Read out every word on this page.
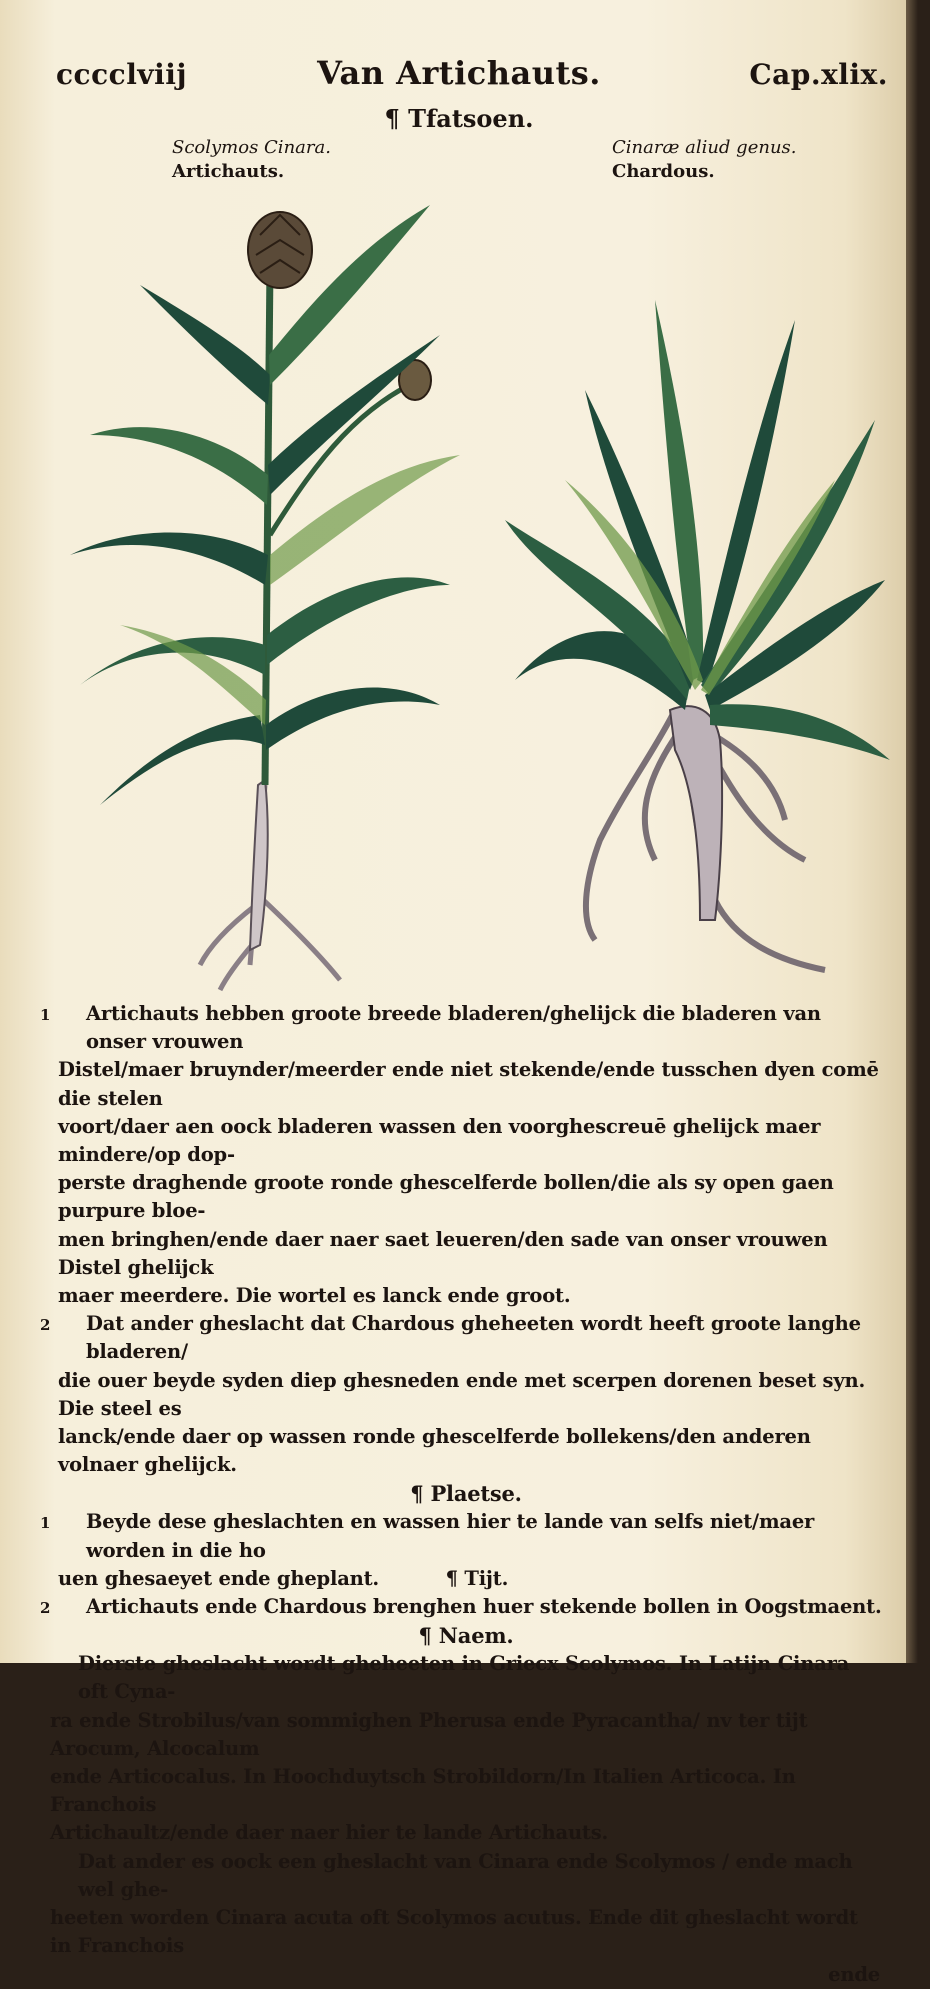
cccclviij	Van Artichauts.	Cap.xlix.
¶ Tfatsoen.
Scolymos Cinara.
Artichauts.
Cinaræ aliud genus.
Chardous.
1 Artichauts hebben groote breede bladeren/ghelijck die bladeren van onser vrouwen
Distel/maer bruynder/meerder ende niet stekende/ende tusschen dyen comē die stelen
voort/daer aen oock bladeren wassen den voorghescreuē ghelijck maer mindere/op dop-
perste draghende groote ronde ghescelferde bollen/die als sy open gaen purpure bloe-
men bringhen/ende daer naer saet leueren/den sade van onser vrouwen Distel ghelijck
maer meerdere. Die wortel es lanck ende groot.
2	Dat ander gheslacht dat Chardous gheheeten wordt heeft groote langhe bladeren/
die ouer beyde syden diep ghesneden ende met scerpen dorenen beset syn. Die steel es
lanck/ende daer op wassen ronde ghescelferde bollekens/den anderen volnaer ghelijck.
¶ Plaetse.
1	Beyde dese gheslachten en wassen hier te lande van selfs niet/maer worden in die ho
uen ghesaeyet ende gheplant.	¶ Tijt.
2	Artichauts ende Chardous brenghen huer stekende bollen in Oogstmaent.
¶ Naem.
Dierste gheslacht wordt gheheeten in Griecx Scolymos. In Latijn Cinara oft Cyna-
ra ende Strobilus/van sommighen Pherusa ende Pyracantha/ nv ter tijt Arocum, Alcocalum
ende Articocalus. In Hoochduytsch Strobildorn/In Italien Articoca. In Franchois
Artichaultz/ende daer naer hier te lande Artichauts.
Dat ander es oock een gheslacht van Cinara ende Scolymos / ende mach wel ghe-
heeten worden Cinara acuta oft Scolymos acutus. Ende dit gheslacht wordt in Franchois
ende
